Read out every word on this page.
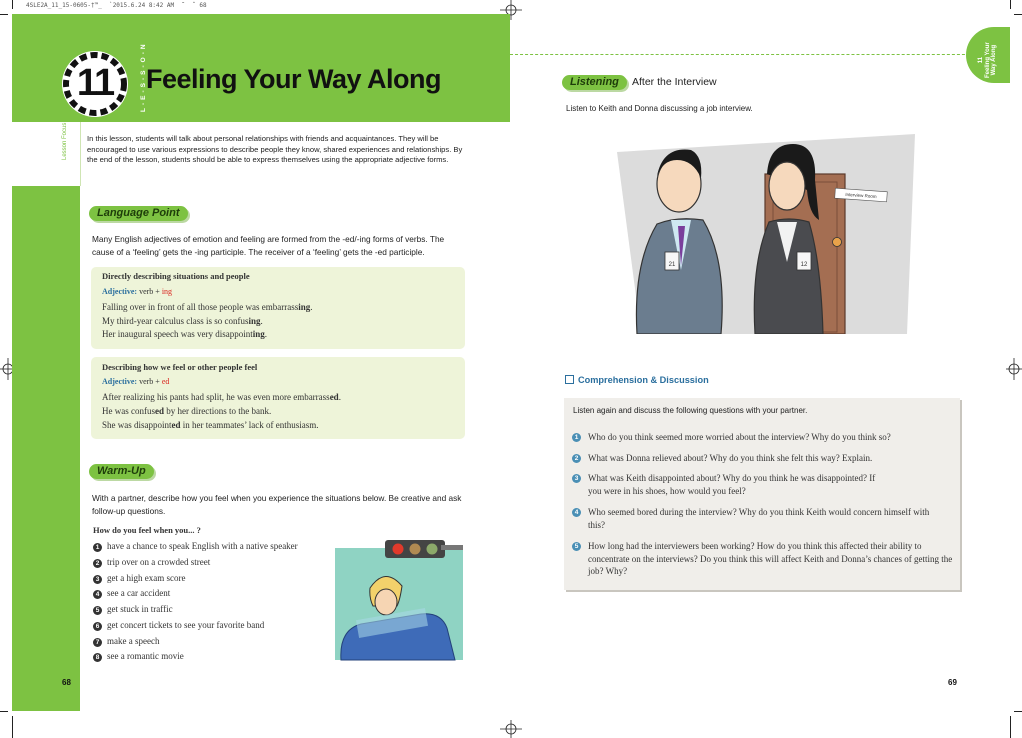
4SLE2A_11_15-0605-†™_  `2015.6.24 8:42 AM  ˜  ˆ 68
Lesson Focus
11	L-E-S-S-O-N Feeling Your Way Along
In this lesson, students will talk about personal relationships with friends and acquaintances. They will be encouraged to use various expressions to describe people they know, shared experiences and relationships. By the end of the lesson, students should be able to express themselves using the appropriate adjective forms.
Language Point
Many English adjectives of emotion and feeling are formed from the -ed/-ing forms of verbs. The cause of a ‘feeling’ gets the -ing participle. The receiver of a ‘feeling’ gets the -ed participle.
Directly describing situations and people
Adjective: verb + ing
Falling over in front of all those people was embarrassing.
My third-year calculus class is so confusing.
Her inaugural speech was very disappointing.
Describing how we feel or other people feel
Adjective: verb + ed
After realizing his pants had split, he was even more embarrassed.
He was confused by her directions to the bank.
She was disappointed in her teammates’ lack of enthusiasm.
Warm-Up
With a partner, describe how you feel when you experience the situations below. Be creative and ask follow-up questions.
How do you feel when you... ?
1 have a chance to speak English with a native speaker
2 trip over on a crowded street
3 get a high exam score
4 see a car accident
5 get stuck in traffic
6 get concert tickets to see your favorite band
7 make a speech
8 see a romantic movie
68
11 Feeling Your Way Along
Listening	After the Interview
Listen to Keith and Donna discussing a job interview.
Interview Room
21	12
Comprehension & Discussion
Listen again and discuss the following questions with your partner.
1 Who do you think seemed more worried about the interview? Why do you think so?
2 What was Donna relieved about? Why do you think she felt this way? Explain.
3 What was Keith disappointed about? Why do you think he was disappointed? If you were in his shoes, how would you feel?
4 Who seemed bored during the interview? Why do you think Keith would concern himself with this?
5 How long had the interviewers been working? How do you think this affected their ability to concentrate on the interviews? Do you think this will affect Keith and Donna’s chances of getting the job? Why?
69
